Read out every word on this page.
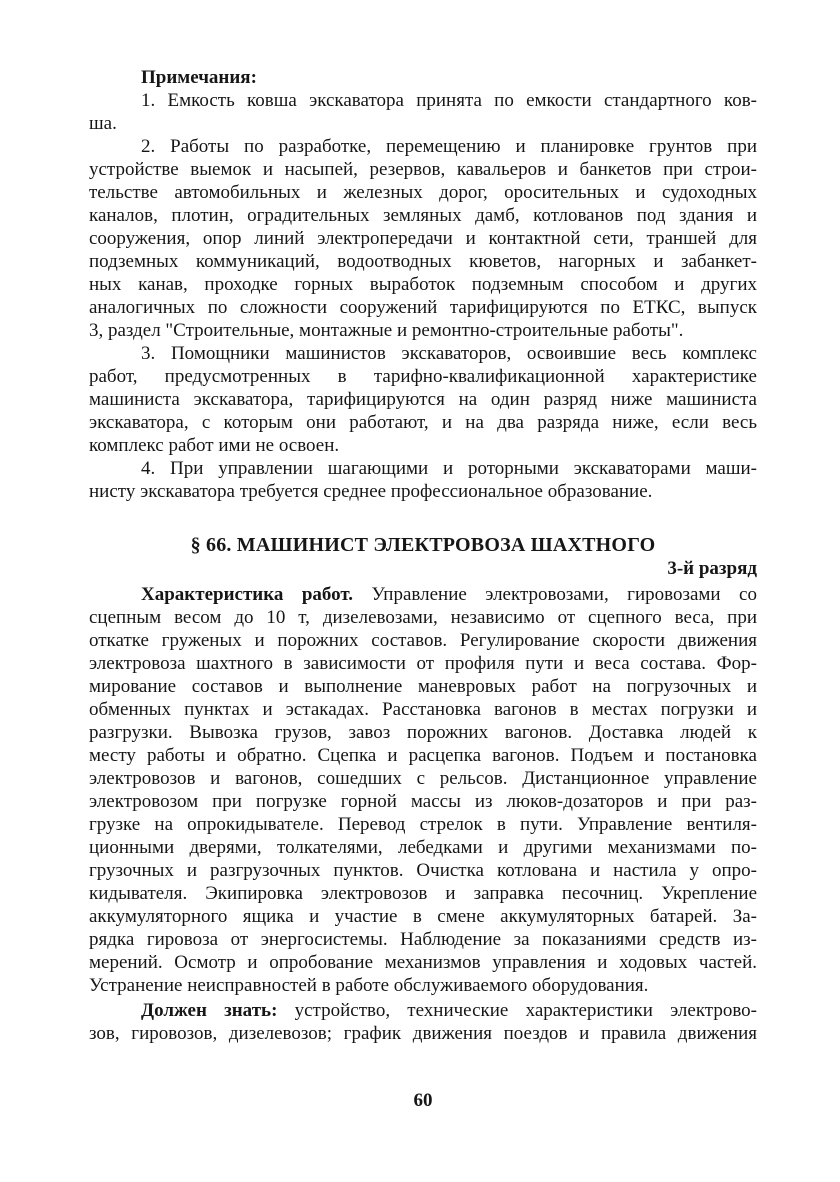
Примечания:
1. Емкость ковша экскаватора принята по емкости стандартного ков-
ша.
2. Работы по разработке, перемещению и планировке грунтов при
устройстве выемок и насыпей, резервов, кавальеров и банкетов при строи-
тельстве автомобильных и железных дорог, оросительных и судоходных
каналов, плотин, оградительных земляных дамб, котлованов под здания и
сооружения, опор линий электропередачи и контактной сети, траншей для
подземных коммуникаций, водоотводных кюветов, нагорных и забанкет-
ных канав, проходке горных выработок подземным способом и других
аналогичных по сложности сооружений тарифицируются по ЕТКС, выпуск
3, раздел "Строительные, монтажные и ремонтно-строительные работы".
3. Помощники машинистов экскаваторов, освоившие весь комплекс
работ, предусмотренных в тарифно-квалификационной характеристике
машиниста экскаватора, тарифицируются на один разряд ниже машиниста
экскаватора, с которым они работают, и на два разряда ниже, если весь
комплекс работ ими не освоен.
4. При управлении шагающими и роторными экскаваторами маши-
нисту экскаватора требуется среднее профессиональное образование.
§ 66. МАШИНИСТ ЭЛЕКТРОВОЗА ШАХТНОГО
3-й разряд
Характеристика работ. Управление электровозами, гировозами со
сцепным весом до 10 т, дизелевозами, независимо от сцепного веса, при
откатке груженых и порожних составов. Регулирование скорости движения
электровоза шахтного в зависимости от профиля пути и веса состава. Фор-
мирование составов и выполнение маневровых работ на погрузочных и
обменных пунктах и эстакадах. Расстановка вагонов в местах погрузки и
разгрузки. Вывозка грузов, завоз порожних вагонов. Доставка людей к
месту работы и обратно. Сцепка и расцепка вагонов. Подъем и постановка
электровозов и вагонов, сошедших с рельсов. Дистанционное управление
электровозом при погрузке горной массы из люков-дозаторов и при раз-
грузке на опрокидывателе. Перевод стрелок в пути. Управление вентиля-
ционными дверями, толкателями, лебедками и другими механизмами по-
грузочных и разгрузочных пунктов. Очистка котлована и настила у опро-
кидывателя. Экипировка электровозов и заправка песочниц. Укрепление
аккумуляторного ящика и участие в смене аккумуляторных батарей. За-
рядка гировоза от энергосистемы. Наблюдение за показаниями средств из-
мерений. Осмотр и опробование механизмов управления и ходовых частей.
Устранение неисправностей в работе обслуживаемого оборудования.
Должен знать: устройство, технические характеристики электрово-
зов, гировозов, дизелевозов; график движения поездов и правила движения
60
